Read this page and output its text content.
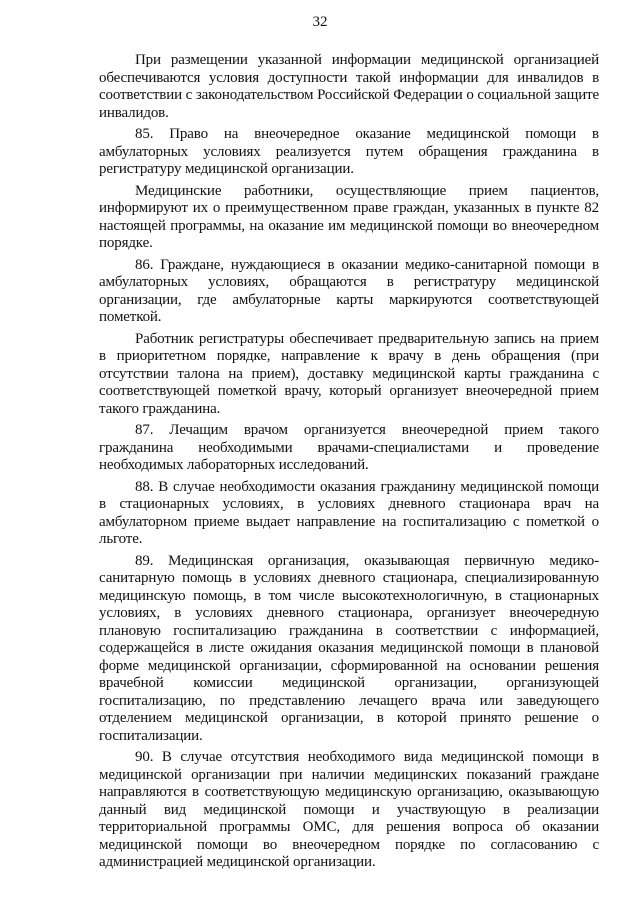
32

При размещении указанной информации медицинской организацией обеспечиваются условия доступности такой информации для инвалидов в соответствии с законодательством Российской Федерации о социальной защите инвалидов.

85. Право на внеочередное оказание медицинской помощи в амбулаторных условиях реализуется путем обращения гражданина в регистратуру медицинской организации.

Медицинские работники, осуществляющие прием пациентов, информируют их о преимущественном праве граждан, указанных в пункте 82 настоящей программы, на оказание им медицинской помощи во внеочередном порядке.

86. Граждане, нуждающиеся в оказании медико-санитарной помощи в амбулаторных условиях, обращаются в регистратуру медицинской организации, где амбулаторные карты маркируются соответствующей пометкой.

Работник регистратуры обеспечивает предварительную запись на прием в приоритетном порядке, направление к врачу в день обращения (при отсутствии талона на прием), доставку медицинской карты гражданина с соответствующей пометкой врачу, который организует внеочередной прием такого гражданина.

87. Лечащим врачом организуется внеочередной прием такого гражданина необходимыми врачами-специалистами и проведение необходимых лабораторных исследований.

88. В случае необходимости оказания гражданину медицинской помощи в стационарных условиях, в условиях дневного стационара врач на амбулаторном приеме выдает направление на госпитализацию с пометкой о льготе.

89. Медицинская организация, оказывающая первичную медико-санитарную помощь в условиях дневного стационара, специализированную медицинскую помощь, в том числе высокотехнологичную, в стационарных условиях, в условиях дневного стационара, организует внеочередную плановую госпитализацию гражданина в соответствии с информацией, содержащейся в листе ожидания оказания медицинской помощи в плановой форме медицинской организации, сформированной на основании решения врачебной комиссии медицинской организации, организующей госпитализацию, по представлению лечащего врача или заведующего отделением медицинской организации, в которой принято решение о госпитализации.

90. В случае отсутствия необходимого вида медицинской помощи в медицинской организации при наличии медицинских показаний граждане направляются в соответствующую медицинскую организацию, оказывающую данный вид медицинской помощи и участвующую в реализации территориальной программы ОМС, для решения вопроса об оказании медицинской помощи во внеочередном порядке по согласованию с администрацией медицинской организации.
